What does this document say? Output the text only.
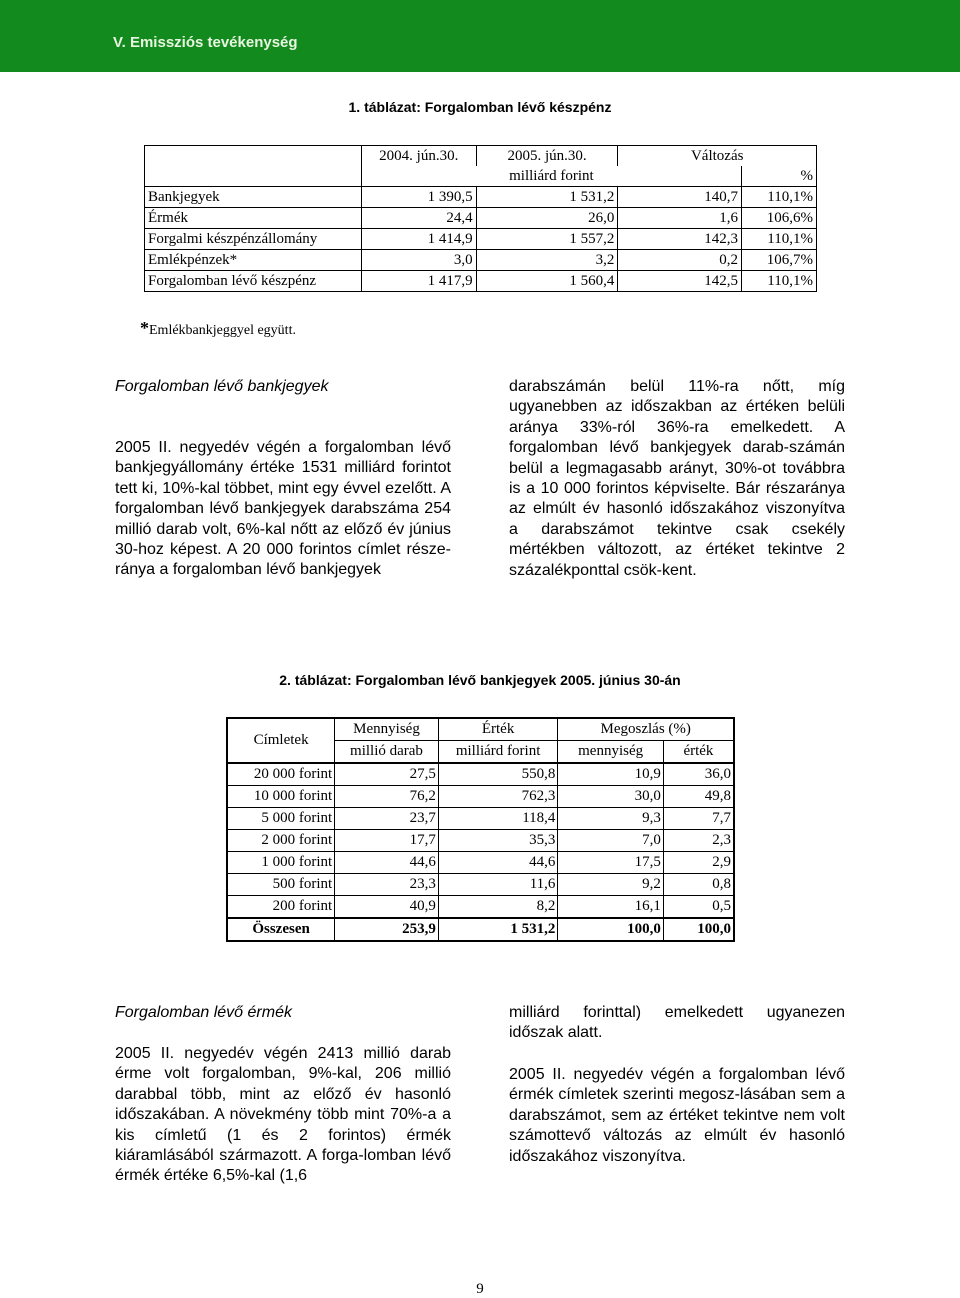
V. Emissziós tevékenység
1. táblázat: Forgalomban lévő készpénz
	2004. jún.30.	2005. jún.30.	Változás	
	milliárd forint			%
Bankjegyek	1 390,5	1 531,2	140,7	110,1%
Érmék	24,4	26,0	1,6	106,6%
Forgalmi készpénzállomány	1 414,9	1 557,2	142,3	110,1%
Emlékpénzek*	3,0	3,2	0,2	106,7%
Forgalomban lévő készpénz	1 417,9	1 560,4	142,5	110,1%
*Emlékbankjeggyel együtt.
Forgalomban lévő bankjegyek
2005 II. negyedév végén a forgalomban lévő bankjegyállomány értéke 1531 milliárd forintot tett ki, 10%-kal többet, mint egy évvel ezelőtt. A forgalomban lévő bankjegyek darabszáma 254 millió darab volt, 6%-kal nőtt az előző év június 30-hoz képest. A 20 000 forintos címlet része-ránya a forgalomban lévő bankjegyek
darabszámán belül 11%-ra nőtt, míg ugyanebben az időszakban az értéken belüli aránya 33%-ról 36%-ra emelkedett. A forgalomban lévő bankjegyek darab-számán belül a legmagasabb arányt, 30%-ot továbbra is a 10 000 forintos képviselte. Bár részaránya az elmúlt év hasonló időszakához viszonyítva a darabszámot tekintve csak csekély mértékben változott, az értéket tekintve 2 százalékponttal csök-kent.
2. táblázat: Forgalomban lévő bankjegyek 2005. június 30-án
Címletek	Mennyiség	Érték	Megoszlás (%)	
	millió darab	milliárd forint	mennyiség	érték
20 000 forint	27,5	550,8	10,9	36,0
10 000 forint	76,2	762,3	30,0	49,8
5 000 forint	23,7	118,4	9,3	7,7
2 000 forint	17,7	35,3	7,0	2,3
1 000 forint	44,6	44,6	17,5	2,9
500 forint	23,3	11,6	9,2	0,8
200 forint	40,9	8,2	16,1	0,5
Összesen	253,9	1 531,2	100,0	100,0
Forgalomban lévő érmék
2005 II. negyedév végén 2413 millió darab érme volt forgalomban, 9%-kal, 206 millió darabbal több, mint az előző év hasonló időszakában. A növekmény több mint 70%-a a kis címletű (1 és 2 forintos) érmék kiáramlásából származott. A forga-lomban lévő érmék értéke 6,5%-kal (1,6
milliárd forinttal) emelkedett ugyanezen időszak alatt.
2005 II. negyedév végén a forgalomban lévő érmék címletek szerinti megosz-lásában sem a darabszámot, sem az értéket tekintve nem volt számottevő változás az elmúlt év hasonló időszakához viszonyítva.
9
